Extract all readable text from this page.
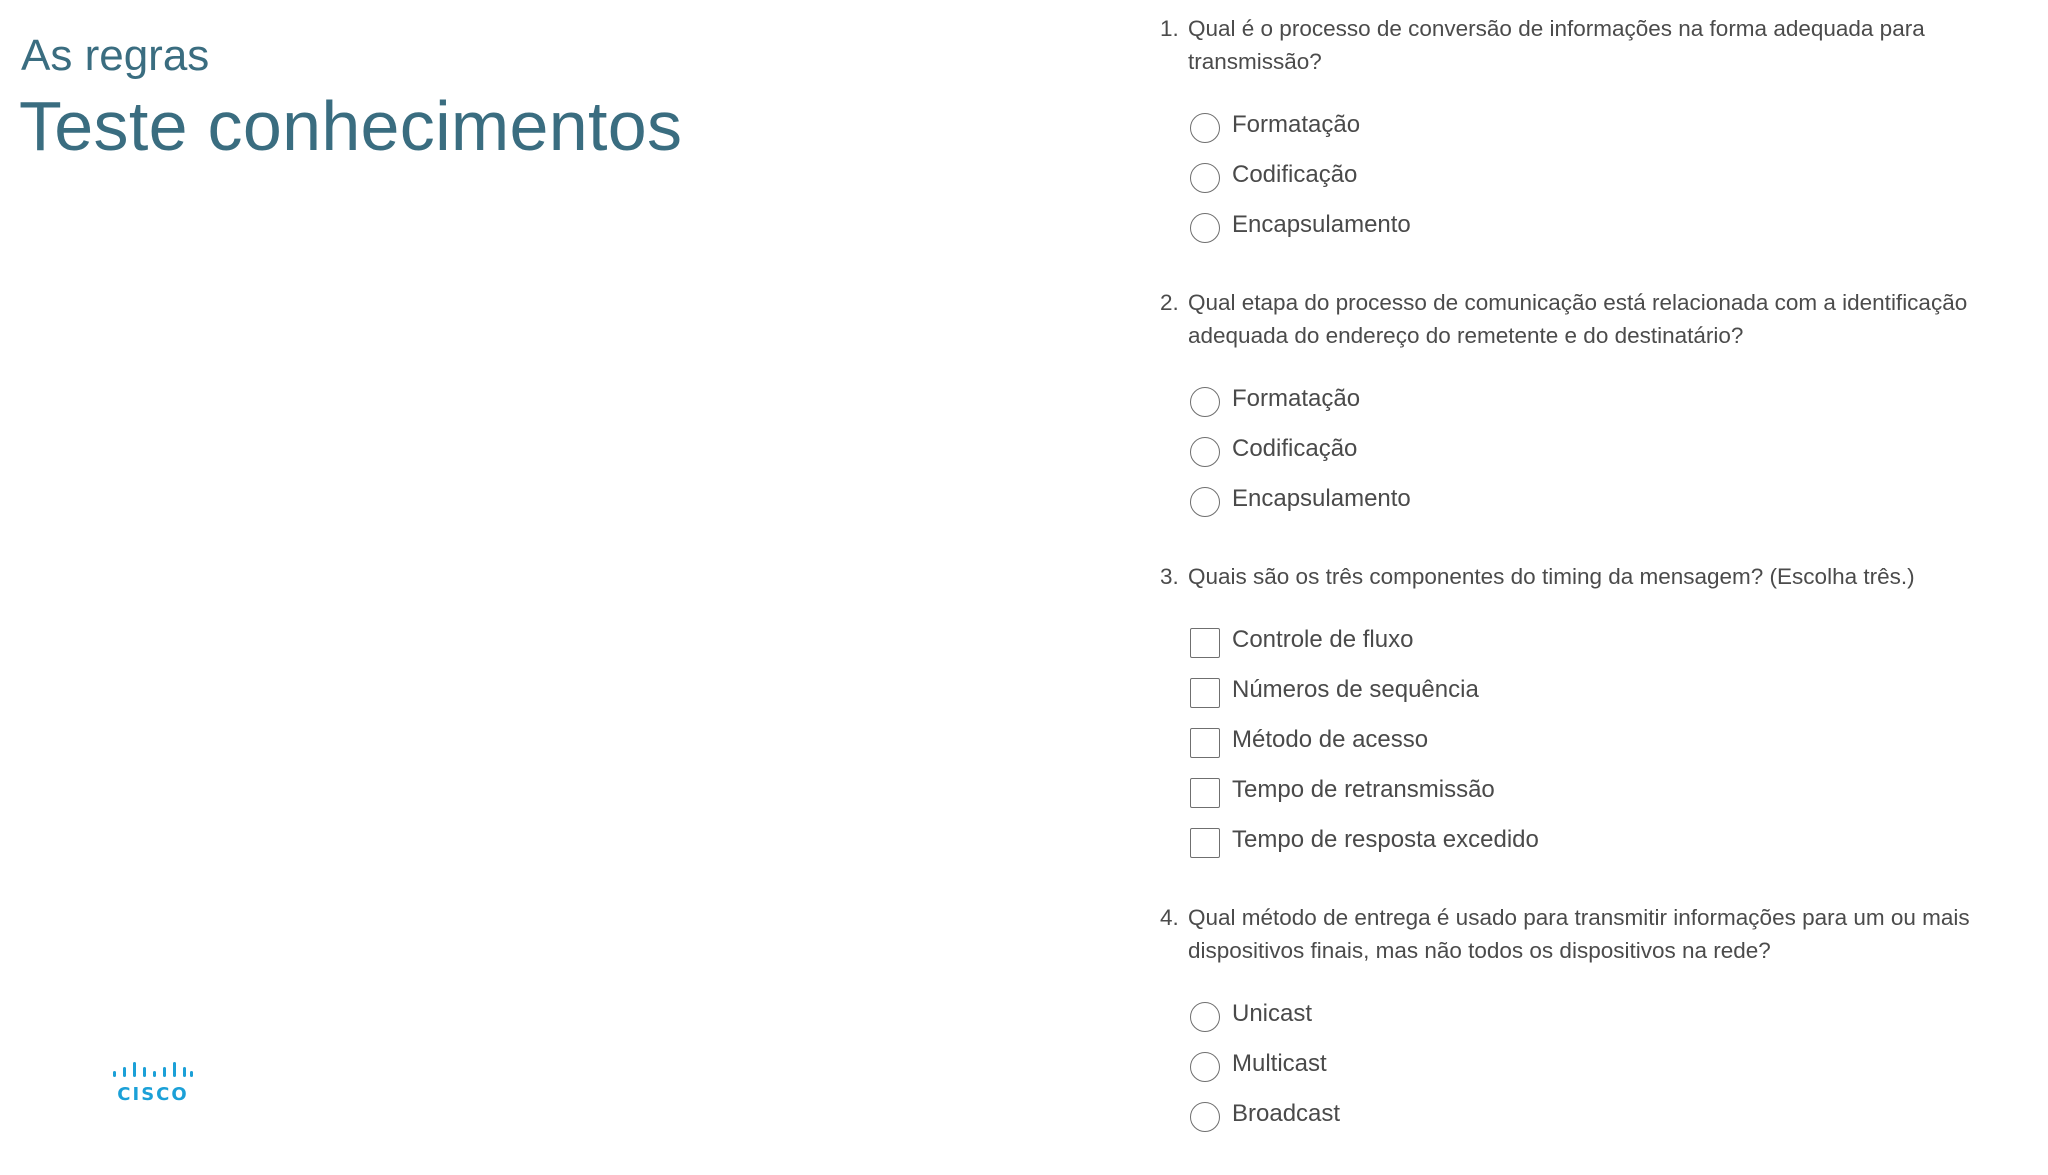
As regras
Teste conhecimentos
CISCO
1. Qual é o processo de conversão de informações na forma adequada para transmissão?
Formatação
Codificação
Encapsulamento
2. Qual etapa do processo de comunicação está relacionada com a identificação adequada do endereço do remetente e do destinatário?
Formatação
Codificação
Encapsulamento
3. Quais são os três componentes do timing da mensagem? (Escolha três.)
Controle de fluxo
Números de sequência
Método de acesso
Tempo de retransmissão
Tempo de resposta excedido
4. Qual método de entrega é usado para transmitir informações para um ou mais dispositivos finais, mas não todos os dispositivos na rede?
Unicast
Multicast
Broadcast
